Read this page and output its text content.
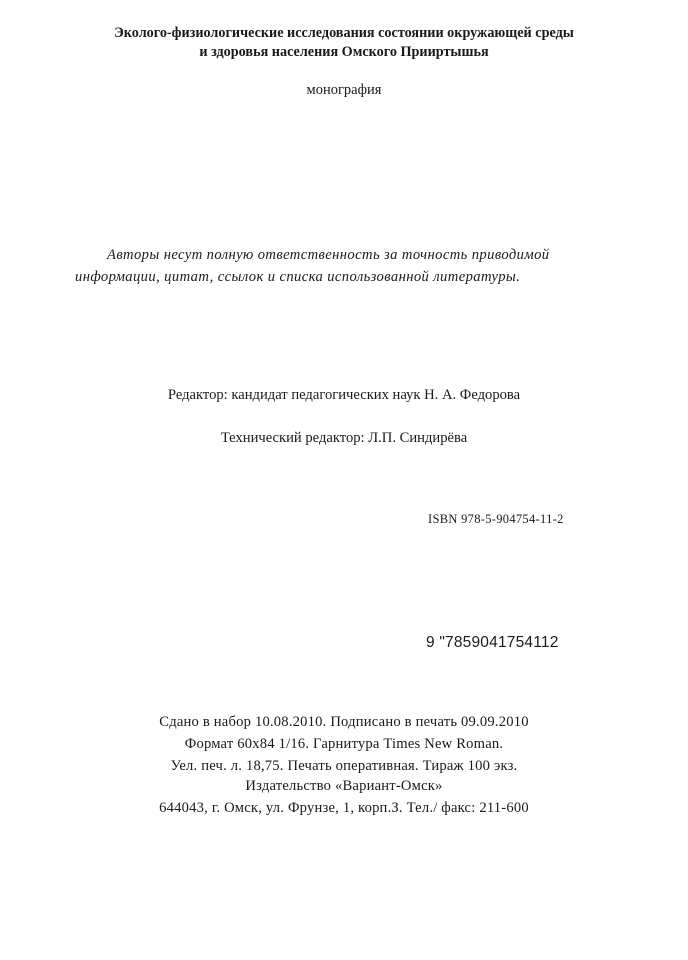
Эколого-физиологические исследования состоянии окружающей среды
и здоровья населения Омского Прииртышья
монография
Авторы несут полную ответственность за точность приводимой
информации, цитат, ссылок и списка использованной литературы.
Редактор: кандидат педагогических наук Н. А. Федорова
Технический редактор: Л.П. Синдирёва
ISBN 978-5-904754-11-2
9 "7859041754112
Сдано в набор 10.08.2010. Подписано в печать 09.09.2010
Формат 60x84 1/16. Гарнитура Times New Roman.
Уел. печ. л. 18,75. Печать оперативная. Тираж 100 экз.
Издательство «Вариант-Омск»
644043, г. Омск, ул. Фрунзе, 1, корп.З. Тел./ факс: 211-600
